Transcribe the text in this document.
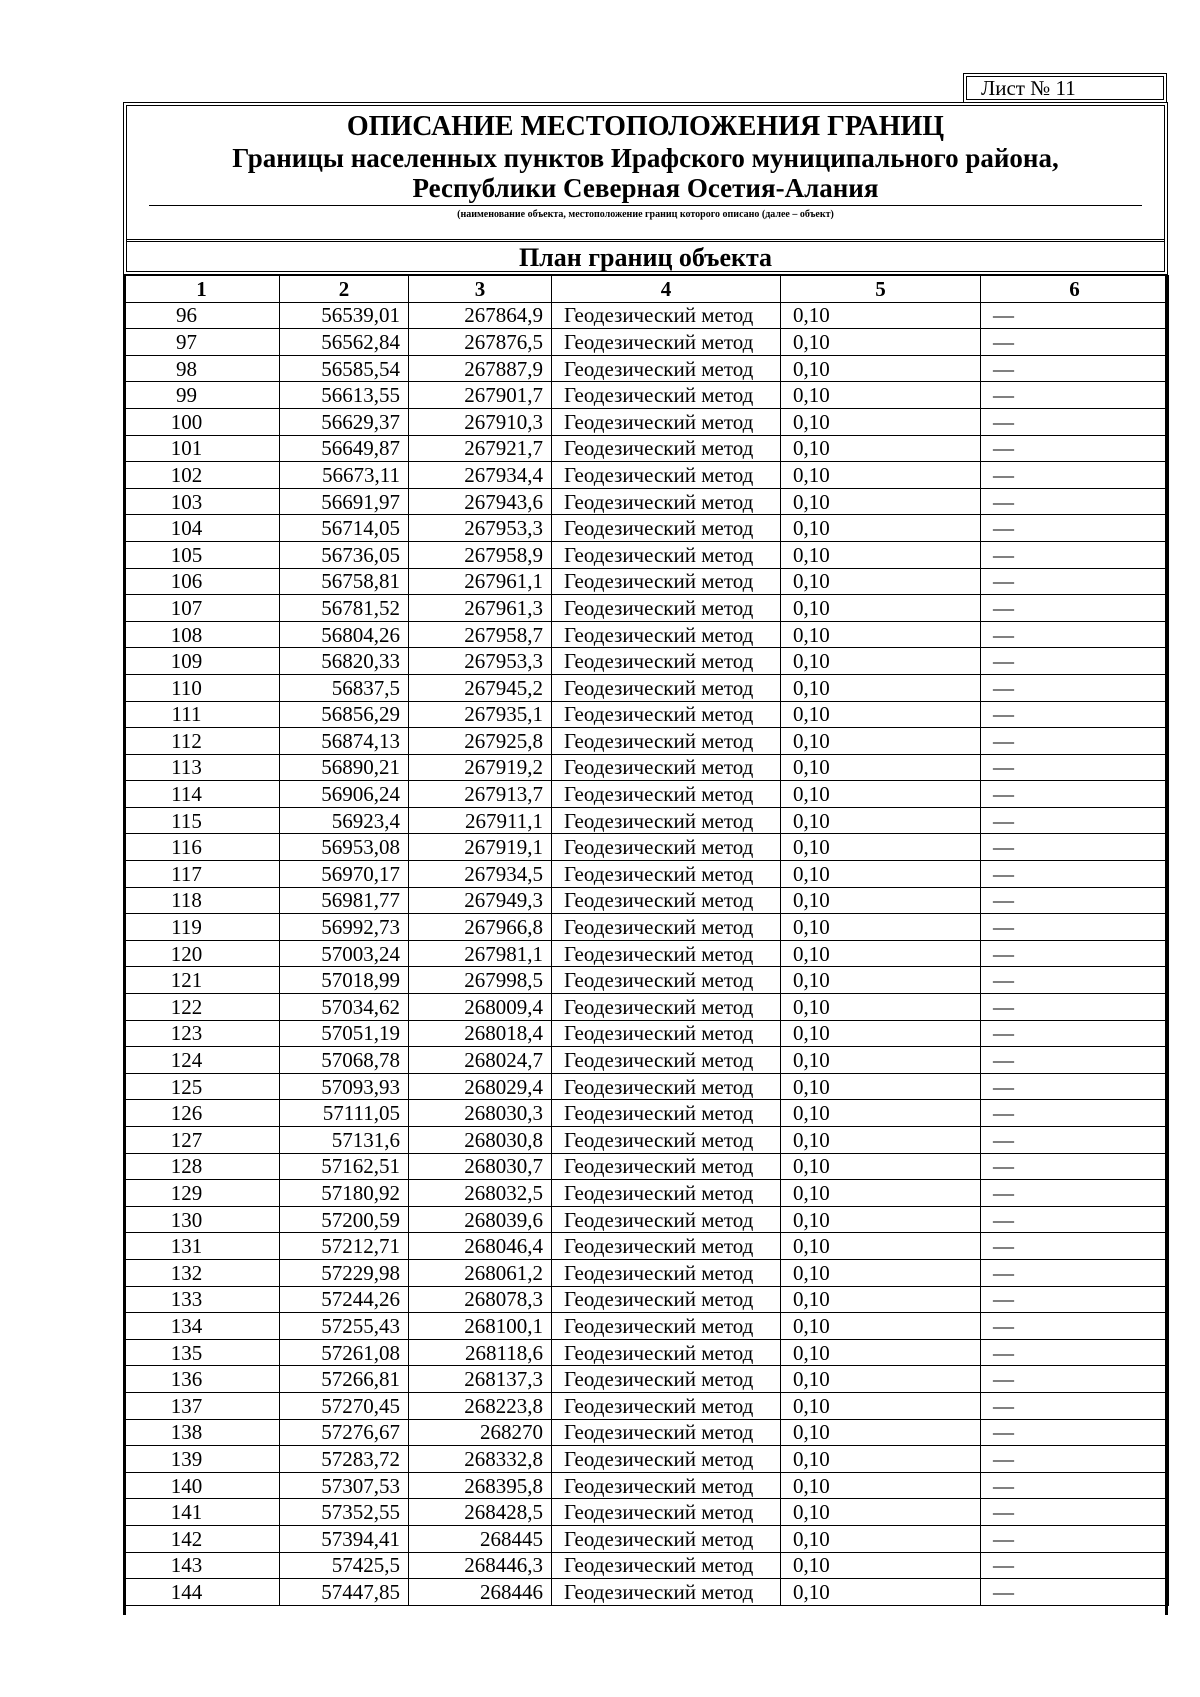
Лист № 11
ОПИСАНИЕ МЕСТОПОЛОЖЕНИЯ ГРАНИЦ
Границы населенных пунктов Ирафского муниципального района,
Республики Северная Осетия-Алания
(наименование объекта, местоположение границ которого описано (далее – объект)
План границ объекта
1	2	3	4	5	6
96	56539,01	267864,9	Геодезический метод	0,10	—
97	56562,84	267876,5	Геодезический метод	0,10	—
98	56585,54	267887,9	Геодезический метод	0,10	—
99	56613,55	267901,7	Геодезический метод	0,10	—
100	56629,37	267910,3	Геодезический метод	0,10	—
101	56649,87	267921,7	Геодезический метод	0,10	—
102	56673,11	267934,4	Геодезический метод	0,10	—
103	56691,97	267943,6	Геодезический метод	0,10	—
104	56714,05	267953,3	Геодезический метод	0,10	—
105	56736,05	267958,9	Геодезический метод	0,10	—
106	56758,81	267961,1	Геодезический метод	0,10	—
107	56781,52	267961,3	Геодезический метод	0,10	—
108	56804,26	267958,7	Геодезический метод	0,10	—
109	56820,33	267953,3	Геодезический метод	0,10	—
110	56837,5	267945,2	Геодезический метод	0,10	—
111	56856,29	267935,1	Геодезический метод	0,10	—
112	56874,13	267925,8	Геодезический метод	0,10	—
113	56890,21	267919,2	Геодезический метод	0,10	—
114	56906,24	267913,7	Геодезический метод	0,10	—
115	56923,4	267911,1	Геодезический метод	0,10	—
116	56953,08	267919,1	Геодезический метод	0,10	—
117	56970,17	267934,5	Геодезический метод	0,10	—
118	56981,77	267949,3	Геодезический метод	0,10	—
119	56992,73	267966,8	Геодезический метод	0,10	—
120	57003,24	267981,1	Геодезический метод	0,10	—
121	57018,99	267998,5	Геодезический метод	0,10	—
122	57034,62	268009,4	Геодезический метод	0,10	—
123	57051,19	268018,4	Геодезический метод	0,10	—
124	57068,78	268024,7	Геодезический метод	0,10	—
125	57093,93	268029,4	Геодезический метод	0,10	—
126	57111,05	268030,3	Геодезический метод	0,10	—
127	57131,6	268030,8	Геодезический метод	0,10	—
128	57162,51	268030,7	Геодезический метод	0,10	—
129	57180,92	268032,5	Геодезический метод	0,10	—
130	57200,59	268039,6	Геодезический метод	0,10	—
131	57212,71	268046,4	Геодезический метод	0,10	—
132	57229,98	268061,2	Геодезический метод	0,10	—
133	57244,26	268078,3	Геодезический метод	0,10	—
134	57255,43	268100,1	Геодезический метод	0,10	—
135	57261,08	268118,6	Геодезический метод	0,10	—
136	57266,81	268137,3	Геодезический метод	0,10	—
137	57270,45	268223,8	Геодезический метод	0,10	—
138	57276,67	268270	Геодезический метод	0,10	—
139	57283,72	268332,8	Геодезический метод	0,10	—
140	57307,53	268395,8	Геодезический метод	0,10	—
141	57352,55	268428,5	Геодезический метод	0,10	—
142	57394,41	268445	Геодезический метод	0,10	—
143	57425,5	268446,3	Геодезический метод	0,10	—
144	57447,85	268446	Геодезический метод	0,10	—
